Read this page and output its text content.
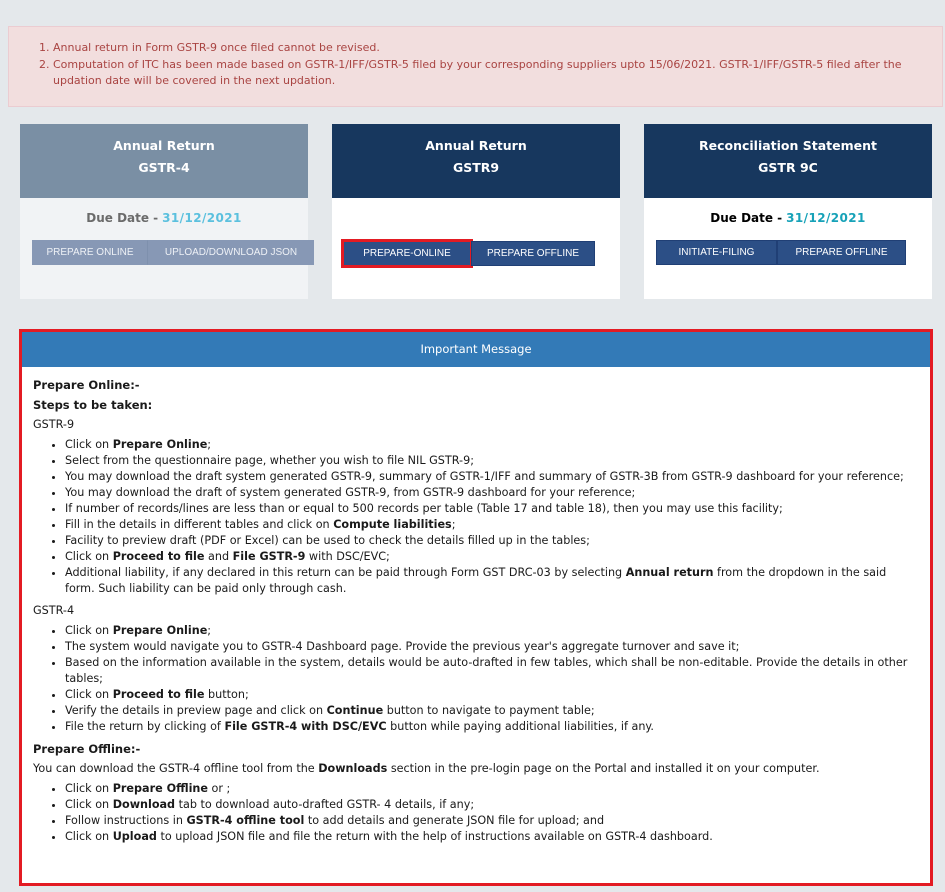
1. Annual return in Form GSTR-9 once filed cannot be revised.
2. Computation of ITC has been made based on GSTR-1/IFF/GSTR-5 filed by your corresponding suppliers upto 15/06/2021. GSTR-1/IFF/GSTR-5 filed after the updation date will be covered in the next updation.
Annual Return
GSTR-4
Due Date - 31/12/2021
PREPARE ONLINE	UPLOAD/DOWNLOAD JSON
Annual Return
GSTR9
PREPARE-ONLINE	PREPARE OFFLINE
Reconciliation Statement
GSTR 9C
Due Date - 31/12/2021
INITIATE-FILING	PREPARE OFFLINE
Important Message

Prepare Online:-

Steps to be taken:

GSTR-9

• Click on Prepare Online;
• Select from the questionnaire page, whether you wish to file NIL GSTR-9;
• You may download the draft system generated GSTR-9, summary of GSTR-1/IFF and summary of GSTR-3B from GSTR-9 dashboard for your reference;
• You may download the draft of system generated GSTR-9, from GSTR-9 dashboard for your reference;
• If number of records/lines are less than or equal to 500 records per table (Table 17 and table 18), then you may use this facility;
• Fill in the details in different tables and click on Compute liabilities;
• Facility to preview draft (PDF or Excel) can be used to check the details filled up in the tables;
• Click on Proceed to file and File GSTR-9 with DSC/EVC;
• Additional liability, if any declared in this return can be paid through Form GST DRC-03 by selecting Annual return from the dropdown in the said form. Such liability can be paid only through cash.

GSTR-4

• Click on Prepare Online;
• The system would navigate you to GSTR-4 Dashboard page. Provide the previous year's aggregate turnover and save it;
• Based on the information available in the system, details would be auto-drafted in few tables, which shall be non-editable. Provide the details in other tables;
• Click on Proceed to file button;
• Verify the details in preview page and click on Continue button to navigate to payment table;
• File the return by clicking of File GSTR-4 with DSC/EVC button while paying additional liabilities, if any.

Prepare Offline:-

You can download the GSTR-4 offline tool from the Downloads section in the pre-login page on the Portal and installed it on your computer.

• Click on Prepare Offline or ;
• Click on Download tab to download auto-drafted GSTR- 4 details, if any;
• Follow instructions in GSTR-4 offline tool to add details and generate JSON file for upload; and
• Click on Upload to upload JSON file and file the return with the help of instructions available on GSTR-4 dashboard.
